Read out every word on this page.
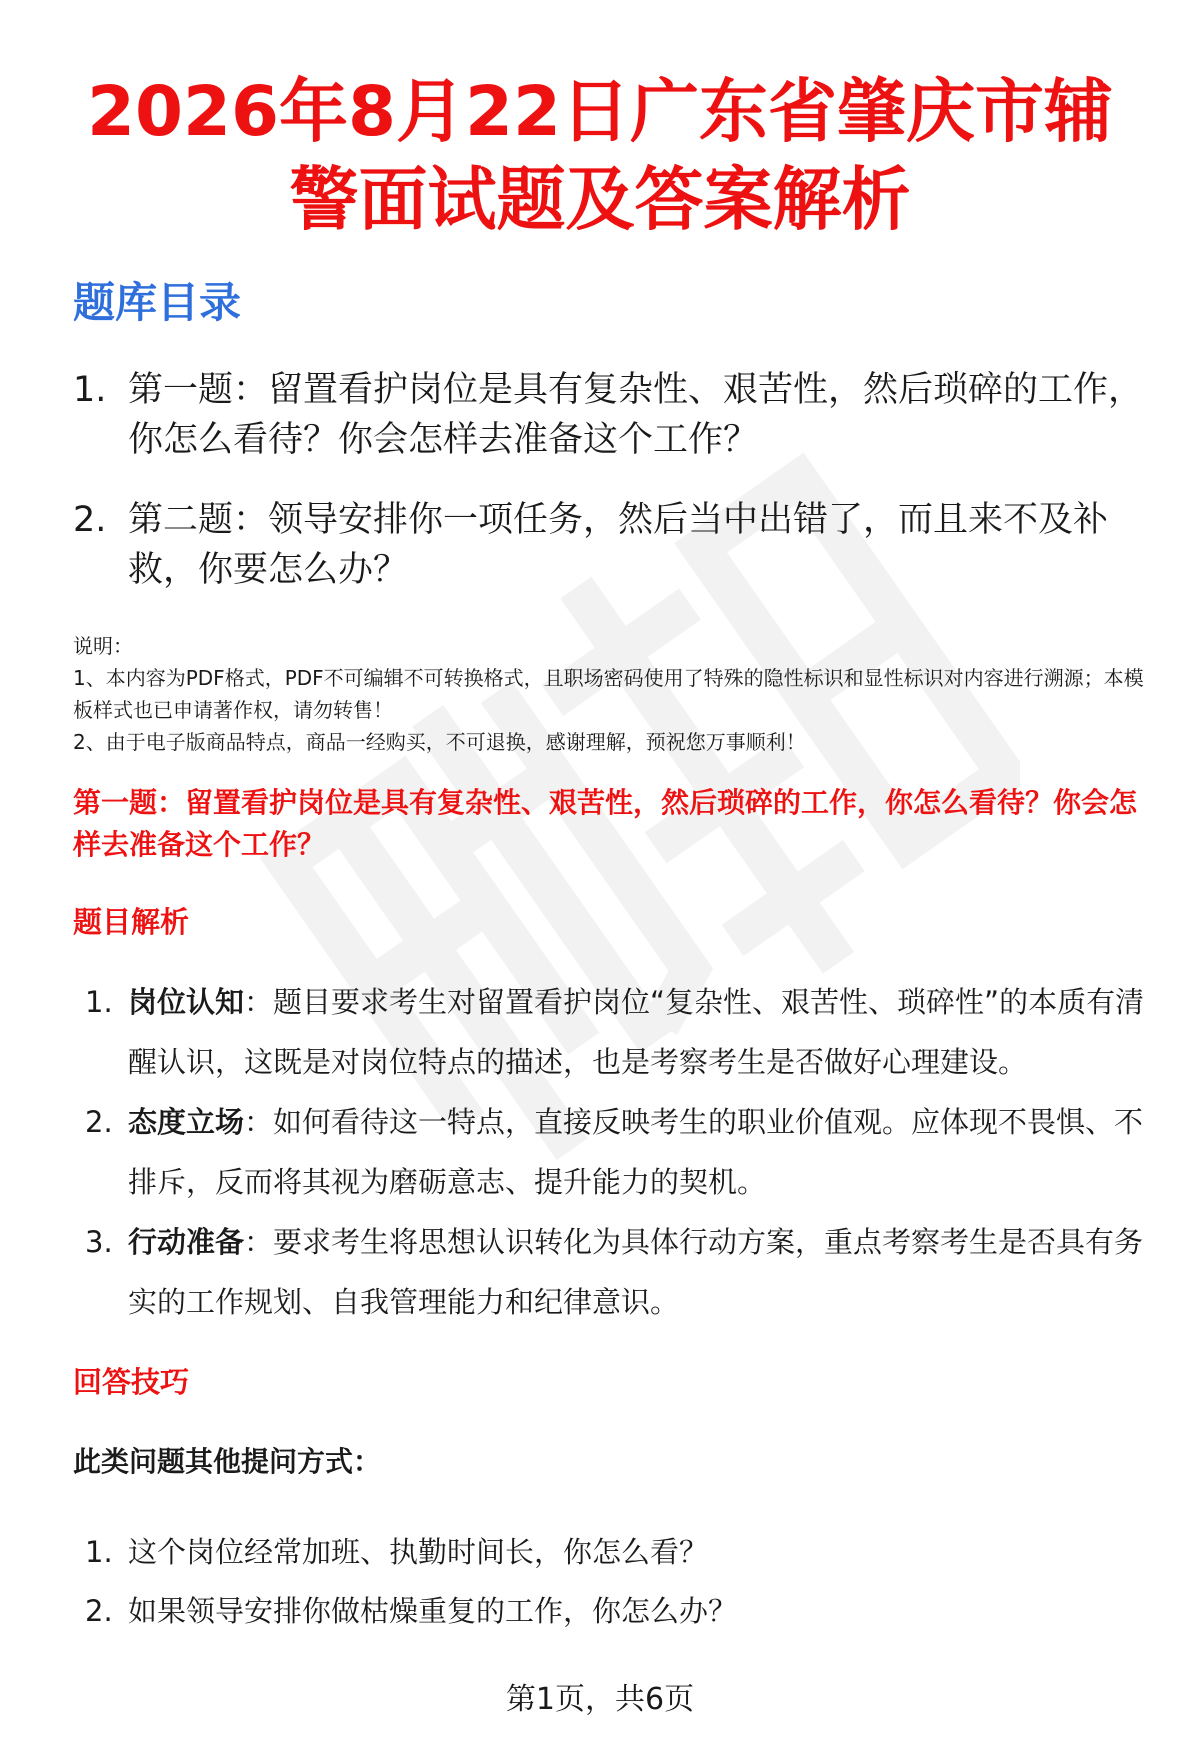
2026年8月22日广东省肇庆市辅警面试题及答案解析
题库目录
1. 第一题：留置看护岗位是具有复杂性、艰苦性，然后琐碎的工作，你怎么看待？你会怎样去准备这个工作？
2. 第二题：领导安排你一项任务，然后当中出错了，而且来不及补救，你要怎么办？

说明：

1、本内容为PDF格式，PDF不可编辑不可转换格式，且职场密码使用了特殊的隐性标识和显性标识对内容进行溯源；本模板样式也已申请著作权，请勿转售！

2、由于电子版商品特点，商品一经购买，不可退换，感谢理解，预祝您万事顺利！

第一题：留置看护岗位是具有复杂性、艰苦性，然后琐碎的工作，你怎么看待？你会怎样去准备这个工作？
题目解析
1. 岗位认知：题目要求考生对留置看护岗位“复杂性、艰苦性、琐碎性”的本质有清醒认识，这既是对岗位特点的描述，也是考察考生是否做好心理建设。
2. 态度立场：如何看待这一特点，直接反映考生的职业价值观。应体现不畏惧、不排斥，反而将其视为磨砺意志、提升能力的契机。
3. 行动准备：要求考生将思想认识转化为具体行动方案，重点考察考生是否具有务实的工作规划、自我管理能力和纪律意识。
回答技巧
此类问题其他提问方式：
1. 这个岗位经常加班、执勤时间长，你怎么看？
2. 如果领导安排你做枯燥重复的工作，你怎么办？
第1页，共6页
